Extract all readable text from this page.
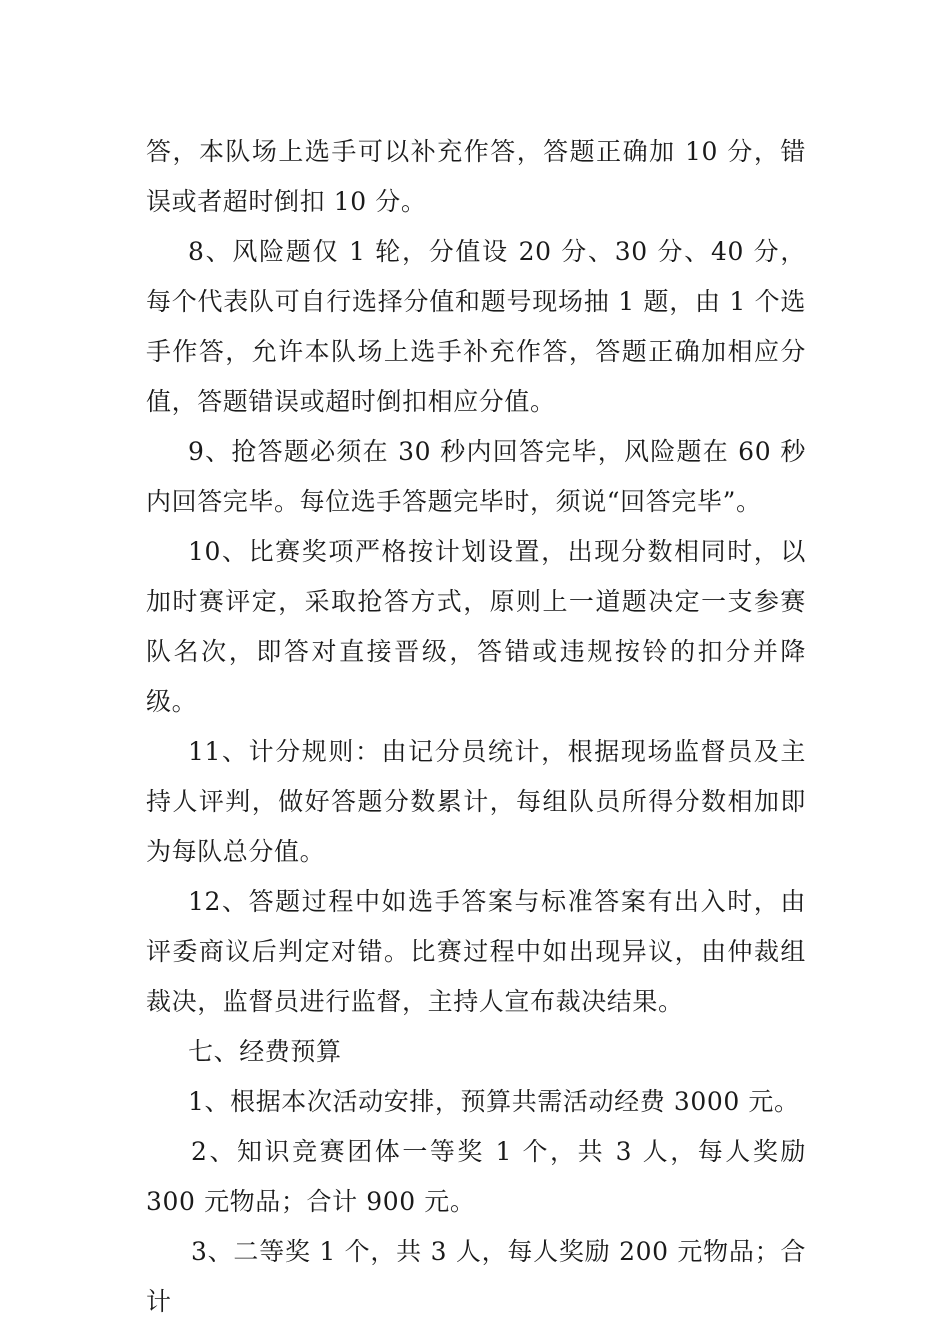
答，本队场上选手可以补充作答，答题正确加 10 分，错误或者超时倒扣 10 分。

8、风险题仅 1 轮，分值设 20 分、30 分、40 分，每个代表队可自行选择分值和题号现场抽 1 题，由 1 个选手作答，允许本队场上选手补充作答，答题正确加相应分值，答题错误或超时倒扣相应分值。

9、抢答题必须在 30 秒内回答完毕，风险题在 60 秒内回答完毕。每位选手答题完毕时，须说“回答完毕”。

10、比赛奖项严格按计划设置，出现分数相同时，以加时赛评定，采取抢答方式，原则上一道题决定一支参赛队名次，即答对直接晋级，答错或违规按铃的扣分并降级。

11、计分规则：由记分员统计，根据现场监督员及主持人评判，做好答题分数累计，每组队员所得分数相加即为每队总分值。

12、答题过程中如选手答案与标准答案有出入时，由评委商议后判定对错。比赛过程中如出现异议，由仲裁组裁决，监督员进行监督，主持人宣布裁决结果。

七、经费预算

1、根据本次活动安排，预算共需活动经费 3000 元。

2、知识竞赛团体一等奖 1 个，共 3 人，每人奖励 300 元物品；合计 900 元。

3、二等奖 1 个，共 3 人，每人奖励 200 元物品；合计
